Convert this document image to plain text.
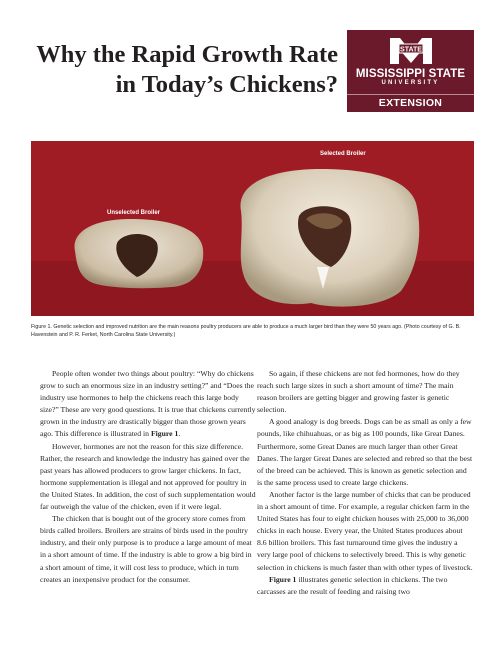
Why the Rapid Growth Rate
in Today’s Chickens?
STATE
MISSISSIPPI STATE
UNIVERSITY
EXTENSION
Selected Broiler
Unselected Broiler
Figure 1. Genetic selection and improved nutrition are the main reasons poultry producers are able to produce a much larger bird than they were 50 years ago. (Photo courtesy of G. B. Havenstein and P. R. Ferket, North Carolina State University.)

People often wonder two things about poultry: “Why do chickens grow to such an enormous size in an industry setting?” and “Does the industry use hormones to help the chickens reach this large body size?” These are very good questions. It is true that chickens currently grown in the industry are drastically bigger than those grown years ago. This difference is illustrated in Figure 1.

However, hormones are not the reason for this size difference. Rather, the research and knowledge the industry has gained over the past years has allowed producers to grow larger chickens. In fact, hormone supplementation is illegal and not approved for poultry in the United States. In addition, the cost of such supplementation would far outweigh the value of the chicken, even if it were legal.

The chicken that is bought out of the grocery store comes from birds called broilers. Broilers are strains of birds used in the poultry industry, and their only purpose is to produce a large amount of meat in a short amount of time. If the industry is able to grow a big bird in a short amount of time, it will cost less to produce, which in turn creates an inexpensive product for the consumer.

So again, if these chickens are not fed hormones, how do they reach such large sizes in such a short amount of time? The main reason broilers are getting bigger and growing faster is genetic selection.

A good analogy is dog breeds. Dogs can be as small as only a few pounds, like chihuahuas, or as big as 100 pounds, like Great Danes. Furthermore, some Great Danes are much larger than other Great Danes. The larger Great Danes are selected and rebred so that the best of the breed can be achieved. This is known as genetic selection and is the same process used to create large chickens.

Another factor is the large number of chicks that can be produced in a short amount of time. For example, a regular chicken farm in the United States has four to eight chicken houses with 25,000 to 36,000 chicks in each house. Every year, the United States produces about 8.6 billion broilers. This fast turnaround time gives the industry a very large pool of chickens to selectively breed. This is why genetic selection in chickens is much faster than with other types of livestock.

Figure 1 illustrates genetic selection in chickens. The two carcasses are the result of feeding and raising two
